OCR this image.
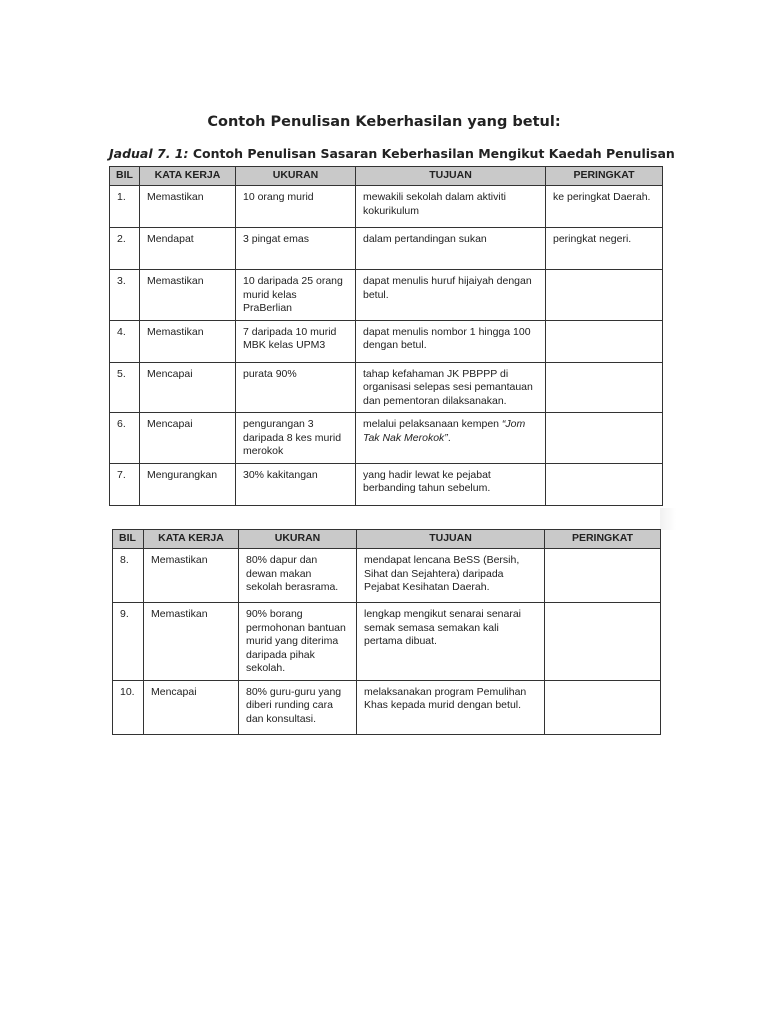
Contoh Penulisan Keberhasilan yang betul:
Jadual 7. 1: Contoh Penulisan Sasaran Keberhasilan Mengikut Kaedah Penulisan
BIL	KATA KERJA	UKURAN	TUJUAN	PERINGKAT
1.	Memastikan	10 orang murid	mewakili sekolah dalam aktiviti kokurikulum	ke peringkat Daerah.
2.	Mendapat	3 pingat emas	dalam pertandingan sukan	peringkat negeri.
3.	Memastikan	10 daripada 25 orang murid kelas PraBerlian	dapat menulis huruf hijaiyah dengan betul.	
4.	Memastikan	7 daripada 10 murid MBK kelas UPM3	dapat menulis nombor 1 hingga 100 dengan betul.	
5.	Mencapai	purata 90%	tahap kefahaman JK PBPPP di organisasi selepas sesi pemantauan dan pementoran dilaksanakan.	
6.	Mencapai	pengurangan 3 daripada 8 kes murid merokok	melalui pelaksanaan kempen “Jom Tak Nak Merokok”.	
7.	Mengurangkan	30% kakitangan	yang hadir lewat ke pejabat berbanding tahun sebelum.	
BIL	KATA KERJA	UKURAN	TUJUAN	PERINGKAT
8.	Memastikan	80% dapur dan dewan makan sekolah berasrama.	mendapat lencana BeSS (Bersih, Sihat dan Sejahtera) daripada Pejabat Kesihatan Daerah.	
9.	Memastikan	90% borang permohonan bantuan murid yang diterima daripada pihak sekolah.	lengkap mengikut senarai senarai semak semasa semakan kali pertama dibuat.	
10.	Mencapai	80% guru-guru yang diberi runding cara dan konsultasi.	melaksanakan program Pemulihan Khas kepada murid dengan betul.	
